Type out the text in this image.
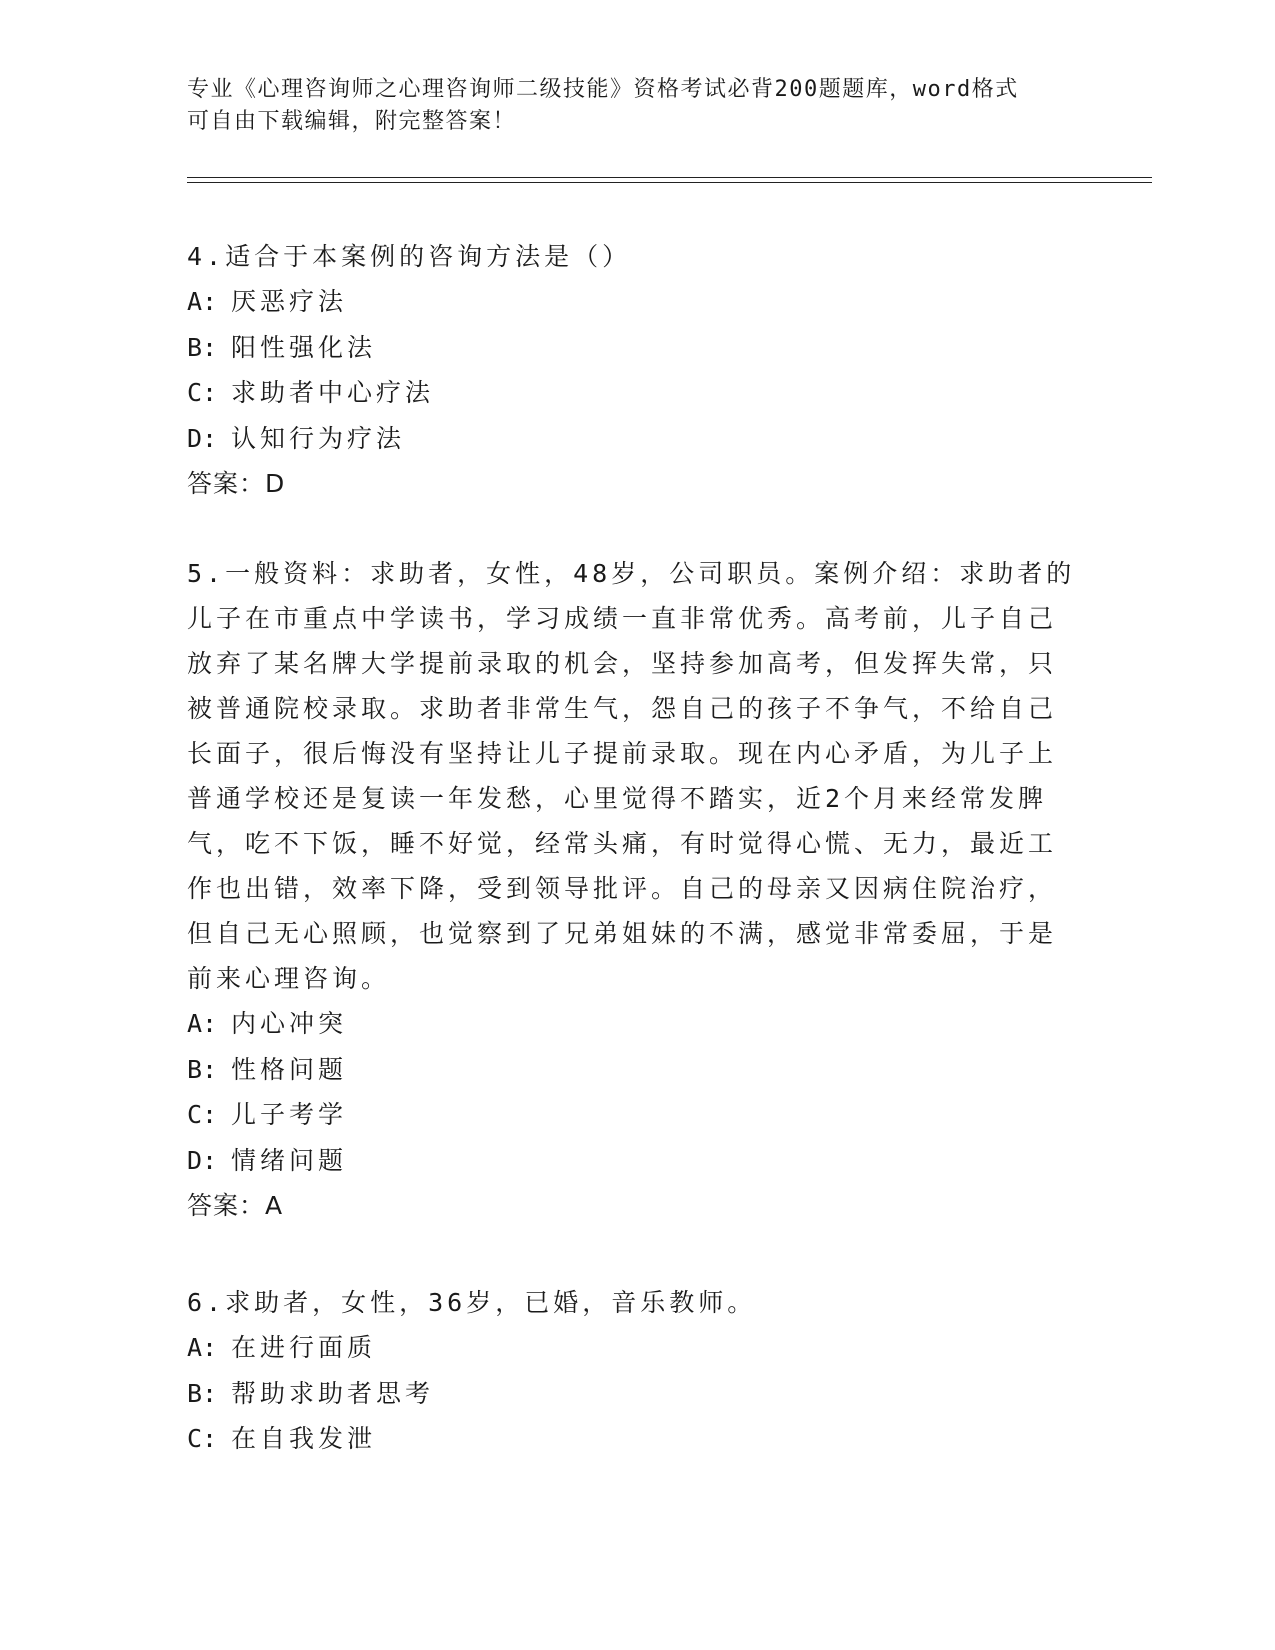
专业《心理咨询师之心理咨询师二级技能》资格考试必背200题题库，word格式
可自由下载编辑，附完整答案！
4.适合于本案例的咨询方法是（）
A: 厌恶疗法
B: 阳性强化法
C: 求助者中心疗法
D: 认知行为疗法
答案：D
5.一般资料：求助者，女性，48岁，公司职员。案例介绍：求助者的
儿子在市重点中学读书，学习成绩一直非常优秀。高考前，儿子自己
放弃了某名牌大学提前录取的机会，坚持参加高考，但发挥失常，只
被普通院校录取。求助者非常生气，怨自己的孩子不争气，不给自己
长面子，很后悔没有坚持让儿子提前录取。现在内心矛盾，为儿子上
普通学校还是复读一年发愁，心里觉得不踏实，近2个月来经常发脾
气，吃不下饭，睡不好觉，经常头痛，有时觉得心慌、无力，最近工
作也出错，效率下降，受到领导批评。自己的母亲又因病住院治疗，
但自己无心照顾，也觉察到了兄弟姐妹的不满，感觉非常委屈，于是
前来心理咨询。
A: 内心冲突
B: 性格问题
C: 儿子考学
D: 情绪问题
答案：A
6.求助者，女性，36岁，已婚，音乐教师。
A: 在进行面质
B: 帮助求助者思考
C: 在自我发泄
